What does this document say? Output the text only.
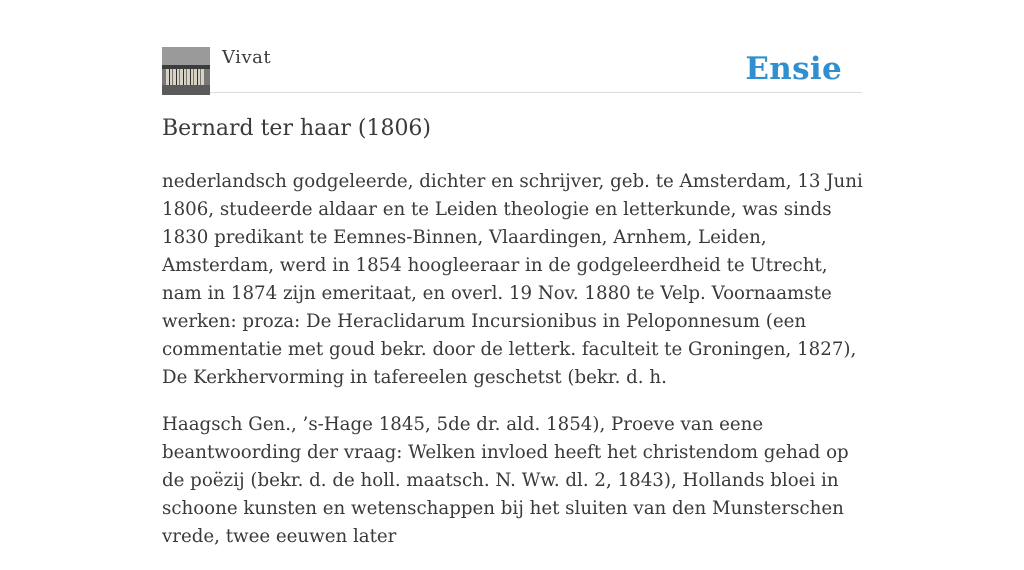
Vivat	Ensie
Bernard ter haar (1806)

nederlandsch godgeleerde, dichter en schrijver, geb. te Amsterdam, 13 Juni 1806, studeerde aldaar en te Leiden theologie en letterkunde, was sinds 1830 predikant te Eemnes-Binnen, Vlaardingen, Arnhem, Leiden, Amsterdam, werd in 1854 hoogleeraar in de godgeleerdheid te Utrecht, nam in 1874 zijn emeritaat, en overl. 19 Nov. 1880 te Velp. Voornaamste werken: proza: De Heraclidarum Incursionibus in Peloponnesum (een commentatie met goud bekr. door de letterk. faculteit te Groningen, 1827), De Kerkhervorming in tafereelen geschetst (bekr. d. h.

Haagsch Gen., ’s-Hage 1845, 5de dr. ald. 1854), Proeve van eene beantwoording der vraag: Welken invloed heeft het christendom gehad op de poëzij (bekr. d. de holl. maatsch. N. Ww. dl. 2, 1843), Hollands bloei in schoone kunsten en wetenschappen bij het sluiten van den Munsterschen vrede, twee eeuwen later
